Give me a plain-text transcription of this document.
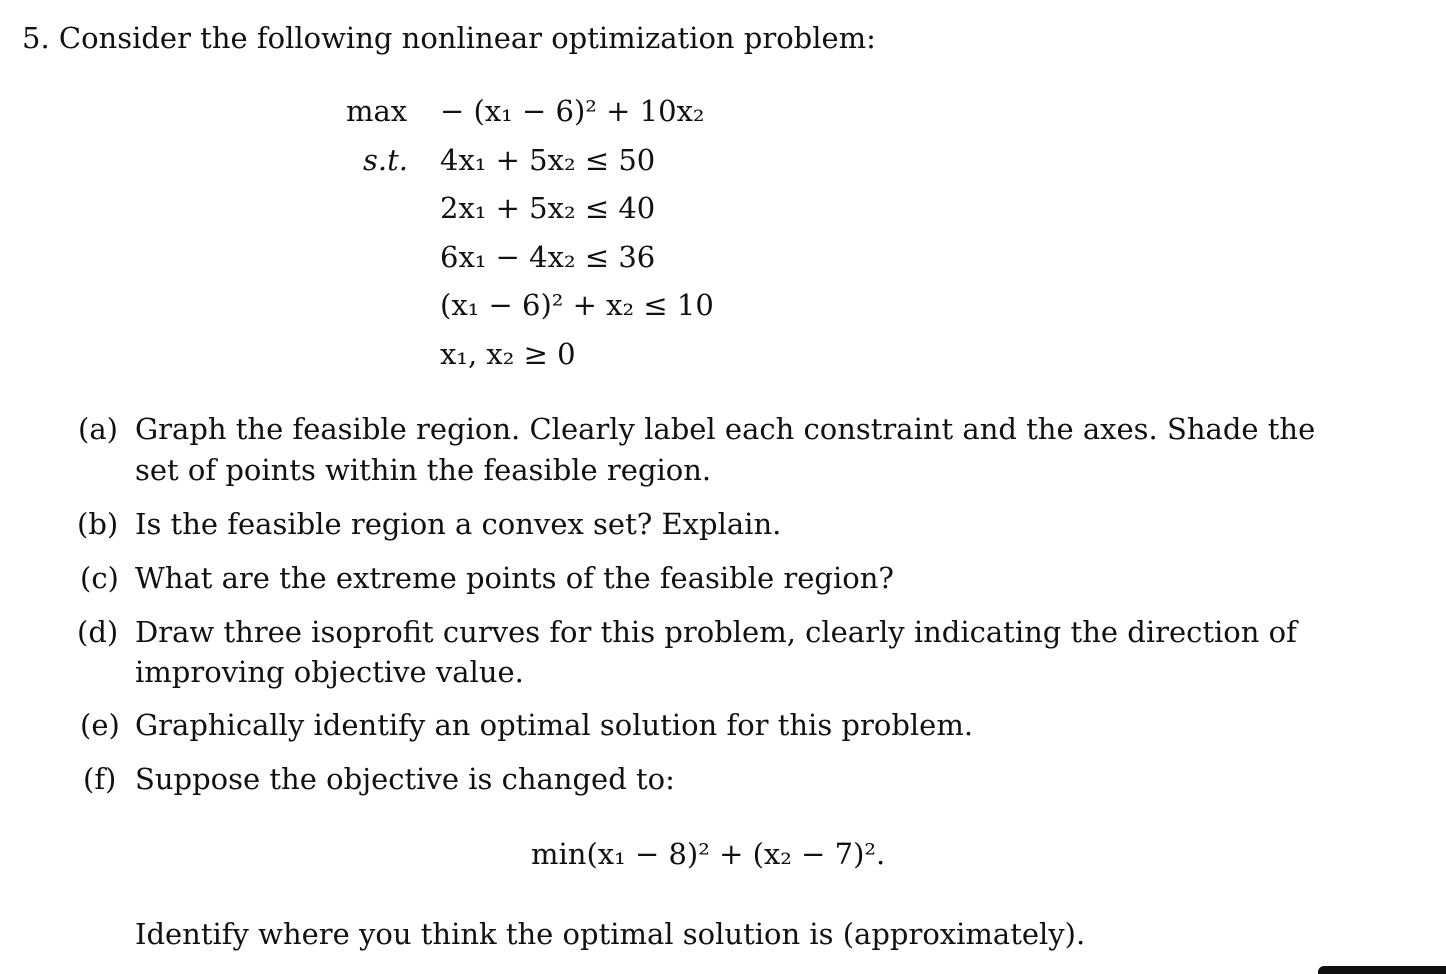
5. Consider the following nonlinear optimization problem:
max − (x₁ − 6)² + 10x₂
s.t. 4x₁ + 5x₂ ≤ 50
2x₁ + 5x₂ ≤ 40
6x₁ − 4x₂ ≤ 36
(x₁ − 6)² + x₂ ≤ 10
x₁, x₂ ≥ 0
(a) Graph the feasible region. Clearly label each constraint and the axes. Shade the
set of points within the feasible region.
(b) Is the feasible region a convex set? Explain.
(c) What are the extreme points of the feasible region?
(d) Draw three isoprofit curves for this problem, clearly indicating the direction of
improving objective value.
(e) Graphically identify an optimal solution for this problem.
(f) Suppose the objective is changed to:
min(x₁ − 8)² + (x₂ − 7)².
Identify where you think the optimal solution is (approximately).
